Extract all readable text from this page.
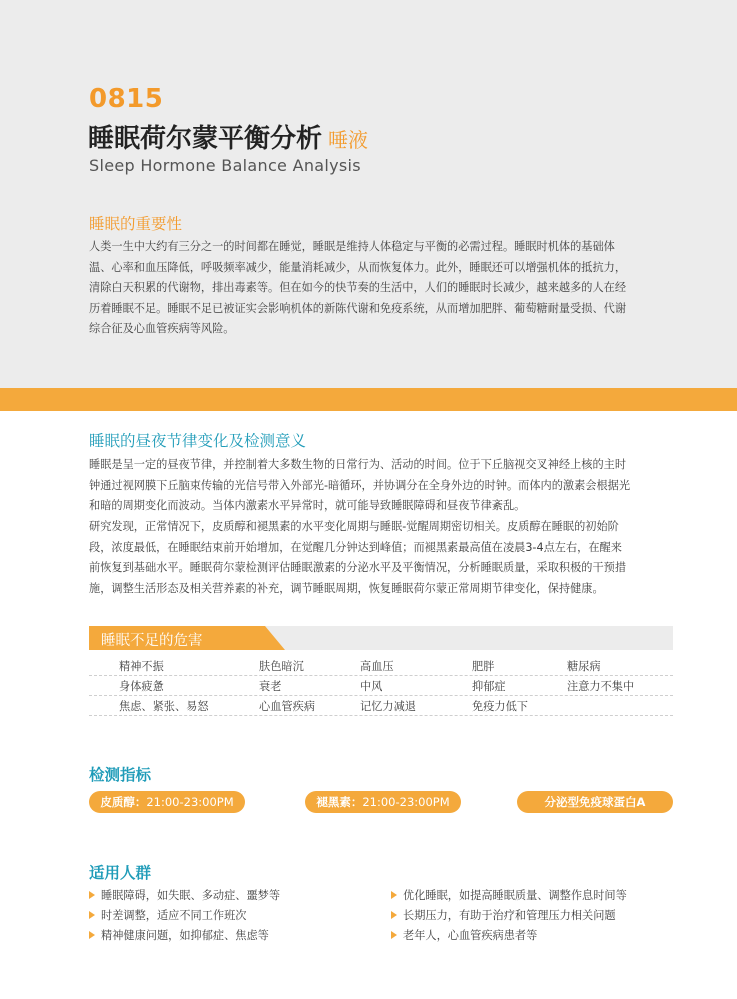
0815
睡眠荷尔蒙平衡分析 唾液
Sleep Hormone Balance Analysis
睡眠的重要性
人类一生中大约有三分之一的时间都在睡觉，睡眠是维持人体稳定与平衡的必需过程。睡眠时机体的基础体
温、心率和血压降低，呼吸频率减少，能量消耗减少，从而恢复体力。此外，睡眠还可以增强机体的抵抗力，
清除白天积累的代谢物，排出毒素等。但在如今的快节奏的生活中，人们的睡眠时长减少，越来越多的人在经
历着睡眠不足。睡眠不足已被证实会影响机体的新陈代谢和免疫系统，从而增加肥胖、葡萄糖耐量受损、代谢
综合征及心血管疾病等风险。
睡眠的昼夜节律变化及检测意义
睡眠是呈一定的昼夜节律，并控制着大多数生物的日常行为、活动的时间。位于下丘脑视交叉神经上核的主时
钟通过视网膜下丘脑束传输的光信号带入外部光-暗循环，并协调分在全身外边的时钟。而体内的激素会根据光
和暗的周期变化而波动。当体内激素水平异常时，就可能导致睡眠障碍和昼夜节律紊乱。
研究发现，正常情况下，皮质醇和褪黑素的水平变化周期与睡眠-觉醒周期密切相关。皮质醇在睡眠的初始阶
段，浓度最低，在睡眠结束前开始增加，在觉醒几分钟达到峰值；而褪黑素最高值在凌晨3-4点左右，在醒来
前恢复到基础水平。睡眠荷尔蒙检测评估睡眠激素的分泌水平及平衡情况，分析睡眠质量，采取积极的干预措
施，调整生活形态及相关营养素的补充，调节睡眠周期，恢复睡眠荷尔蒙正常周期节律变化，保持健康。
睡眠不足的危害
精神不振	肤色暗沉	高血压	肥胖	糖尿病
身体疲惫	衰老	中风	抑郁症	注意力不集中
焦虑、紧张、易怒	心血管疾病	记忆力减退	免疫力低下
检测指标
皮质醇：21:00-23:00PM	褪黑素：21:00-23:00PM	分泌型免疫球蛋白A
适用人群
睡眠障碍，如失眠、多动症、噩梦等
时差调整，适应不同工作班次
精神健康问题，如抑郁症、焦虑等
优化睡眠，如提高睡眠质量、调整作息时间等
长期压力，有助于治疗和管理压力相关问题
老年人，心血管疾病患者等
